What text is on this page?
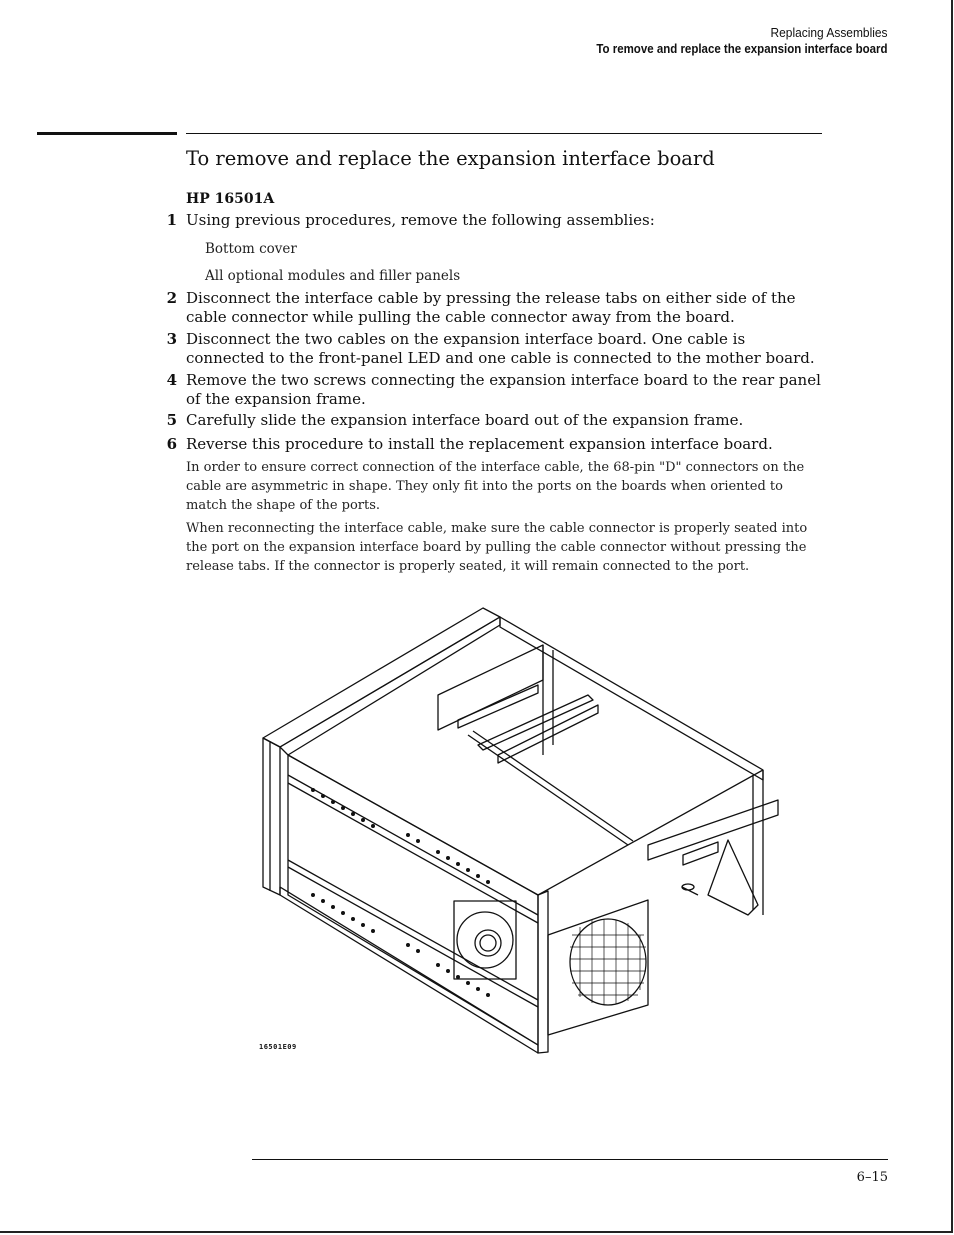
Replacing Assemblies
To remove and replace the expansion interface board
To remove and replace the expansion interface board
HP 16501A
1 Using previous procedures, remove the following assemblies:
Bottom cover
All optional modules and filler panels
2 Disconnect the interface cable by pressing the release tabs on either side of the
cable connector while pulling the cable connector away from the board.
3 Disconnect the two cables on the expansion interface board. One cable is
connected to the front-panel LED and one cable is connected to the mother board.
4 Remove the two screws connecting the expansion interface board to the rear panel
of the expansion frame.
5 Carefully slide the expansion interface board out of the expansion frame.
6 Reverse this procedure to install the replacement expansion interface board.
In order to ensure correct connection of the interface cable, the 68-pin "D" connectors on the
cable are asymmetric in shape. They only fit into the ports on the boards when oriented to
match the shape of the ports.
When reconnecting the interface cable, make sure the cable connector is properly seated into
the port on the expansion interface board by pulling the cable connector without pressing the
release tabs. If the connector is properly seated, it will remain connected to the port.
16501E09
6–15
